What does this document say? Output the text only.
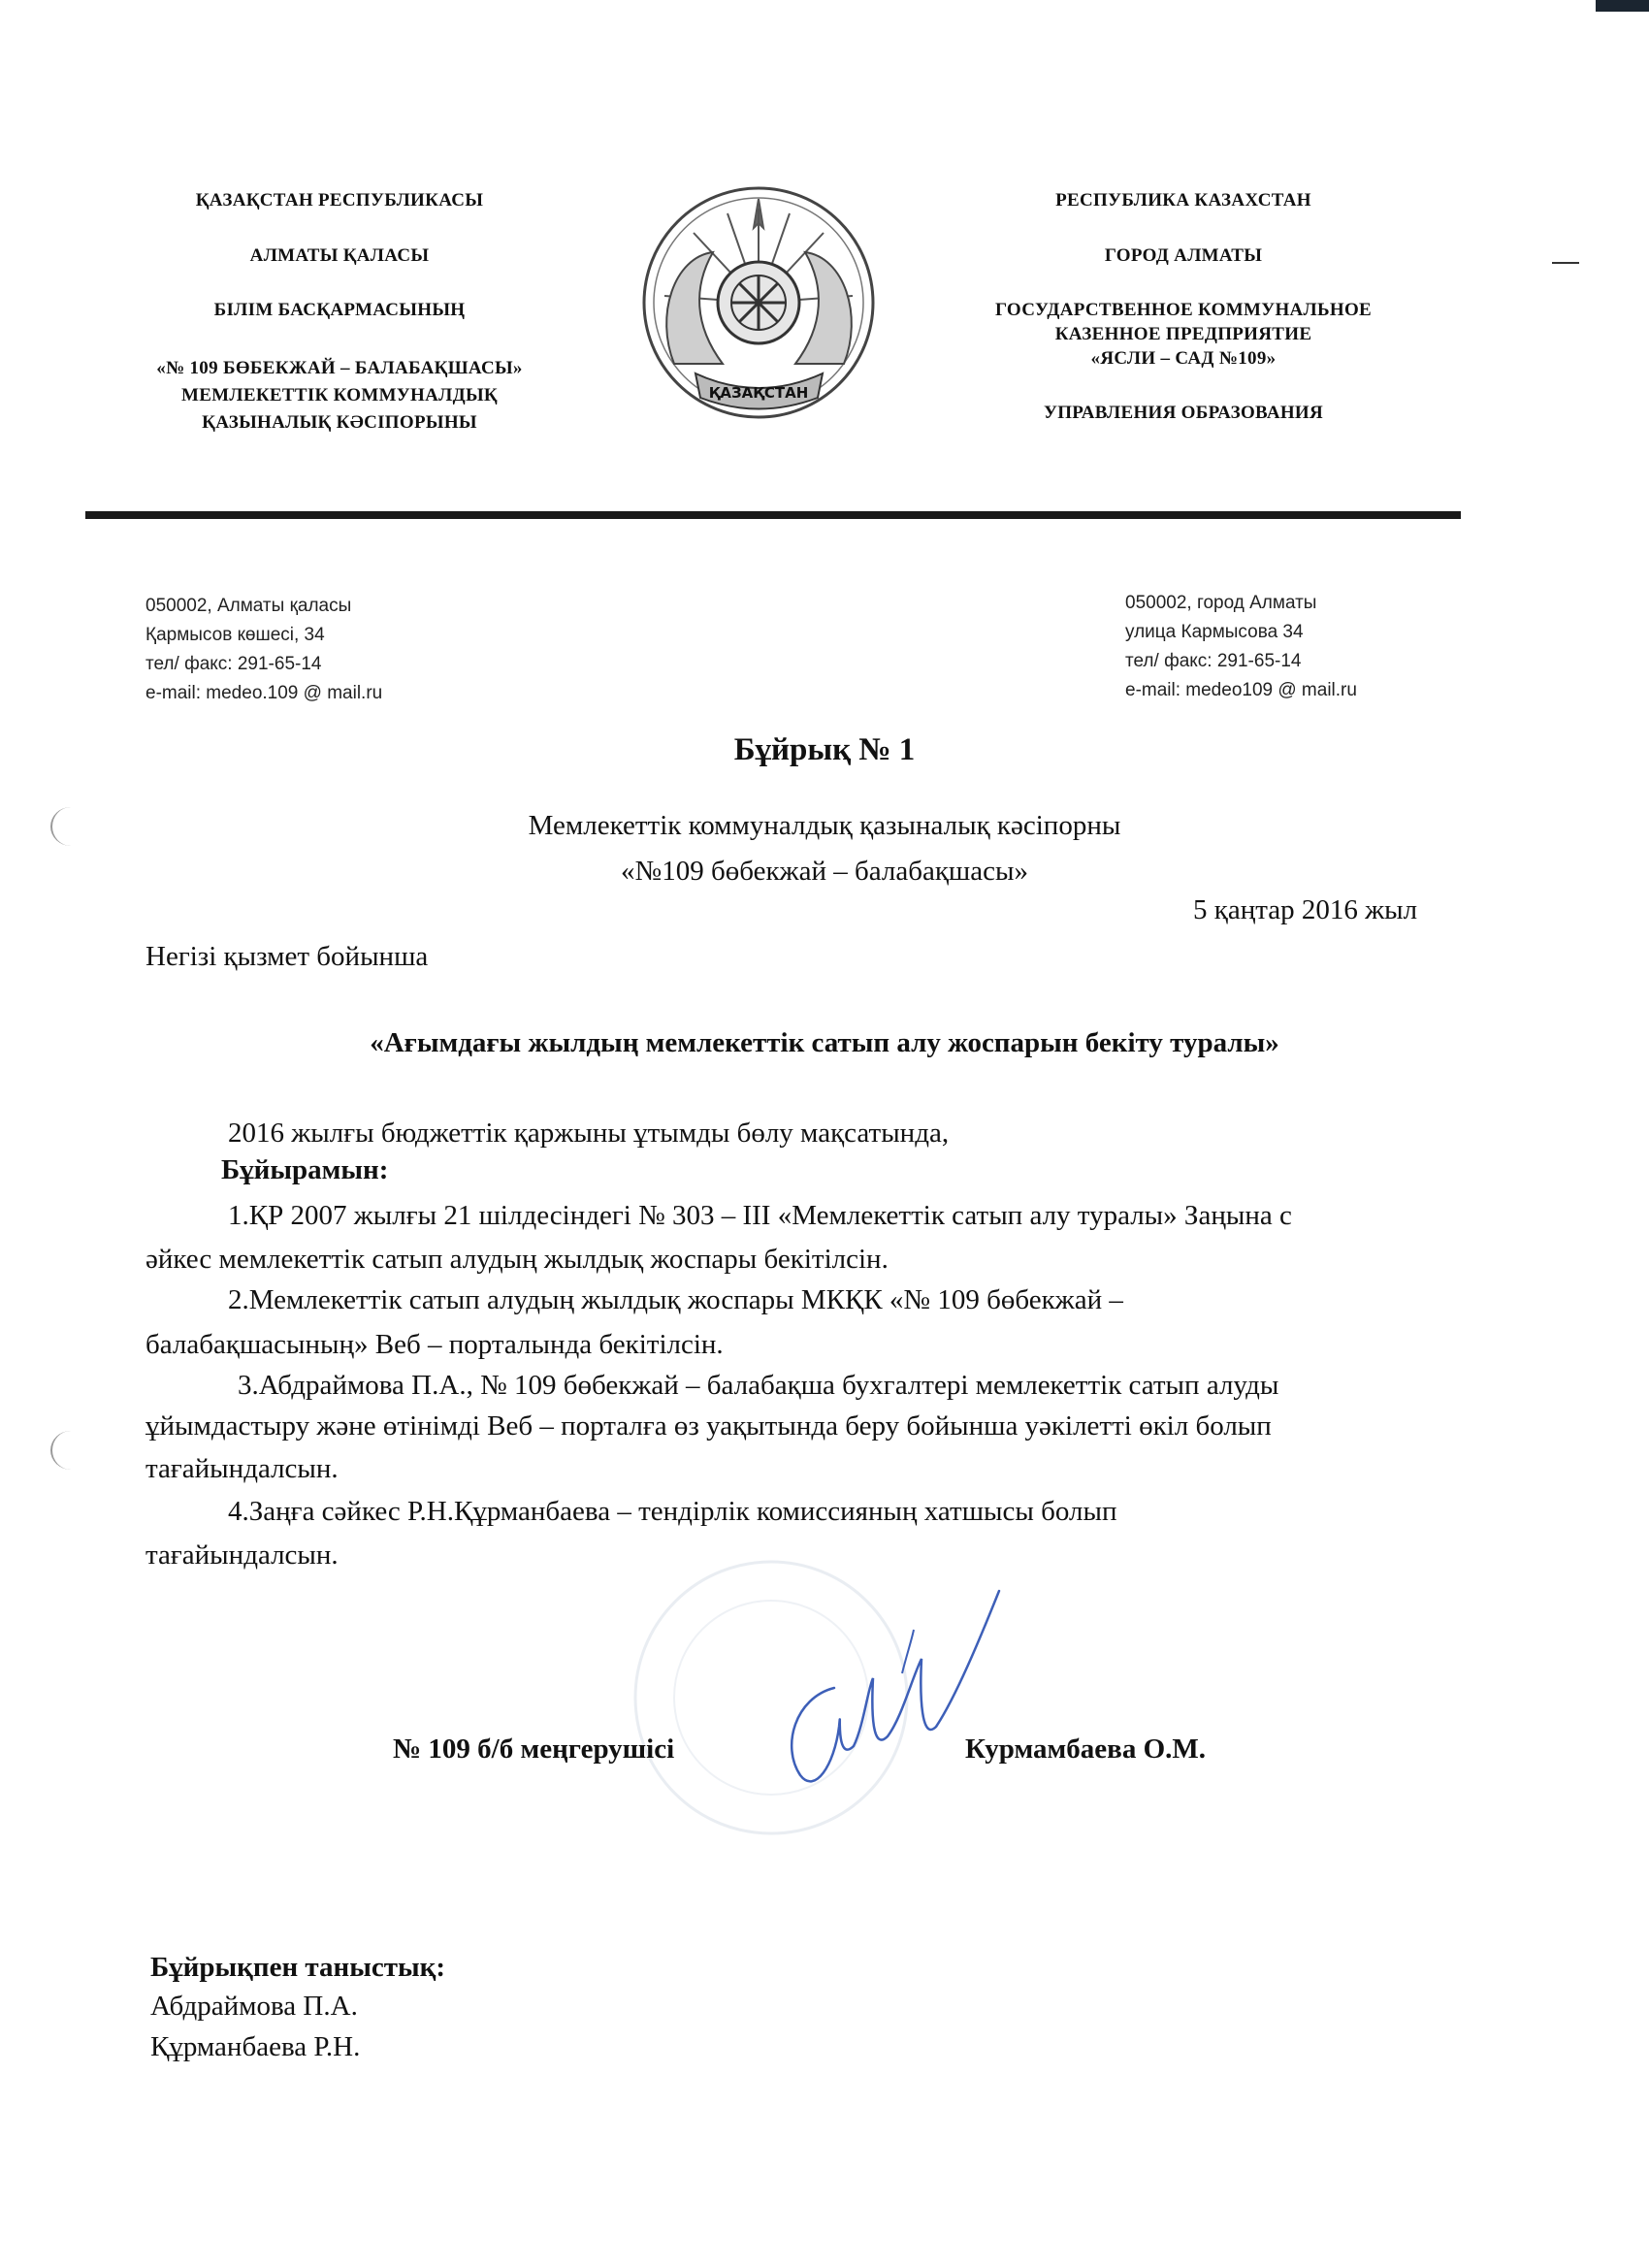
ҚАЗАҚСТАН РЕСПУБЛИКАСЫ
АЛМАТЫ ҚАЛАСЫ
БІЛІМ БАСҚАРМАСЫНЫҢ
«№ 109 БӨБЕКЖАЙ – БАЛАБАҚШАСЫ»
МЕМЛЕКЕТТІК КОММУНАЛДЫҚ
ҚАЗЫНАЛЫҚ КӘСІПОРЫНЫ
ҚАЗАҚСТАН
РЕСПУБЛИКА КАЗАХСТАН
ГОРОД АЛМАТЫ
ГОСУДАРСТВЕННОЕ КОММУНАЛЬНОЕ
КАЗЕННОЕ ПРЕДПРИЯТИЕ
«ЯСЛИ – САД №109»
УПРАВЛЕНИЯ ОБРАЗОВАНИЯ
050002, Алматы қаласы
Қармысов көшесі, 34
тел/ факс: 291-65-14
e-mail: medeo.109 @ mail.ru
050002, город Алматы
улица Кармысова 34
тел/ факс: 291-65-14
e-mail: medeo109 @ mail.ru
Бұйрық № 1
Мемлекеттік коммуналдық қазыналық кәсіпорны
«№109 бөбекжай – балабақшасы»
5 қаңтар 2016 жыл
Негізі қызмет бойынша
«Ағымдағы жылдың мемлекеттік сатып алу жоспарын бекіту туралы»
2016 жылғы бюджеттік қаржыны ұтымды бөлу мақсатында,
Бұйырамын:
1.ҚР 2007 жылғы 21 шілдесіндегі № 303 – ІІІ «Мемлекеттік сатып алу туралы» Заңына с
әйкес мемлекеттік сатып алудың жылдық жоспары бекітілсін.
2.Мемлекеттік сатып алудың жылдық жоспары МКҚК «№ 109 бөбекжай –
балабақшасының» Веб – порталында бекітілсін.
3.Абдраймова П.А., № 109 бөбекжай – балабақша бухгалтері мемлекеттік сатып алуды
ұйымдастыру және өтінімді Веб – порталға өз уақытында беру бойынша уәкілетті өкіл болып
тағайындалсын.
4.Заңға сәйкес Р.Н.Құрманбаева – тендірлік комиссияның хатшысы болып
тағайындалсын.
№ 109 б/б меңгерушісі	Курмамбаева О.М.
Бұйрықпен таныстық:
Абдраймова П.А.
Құрманбаева Р.Н.
